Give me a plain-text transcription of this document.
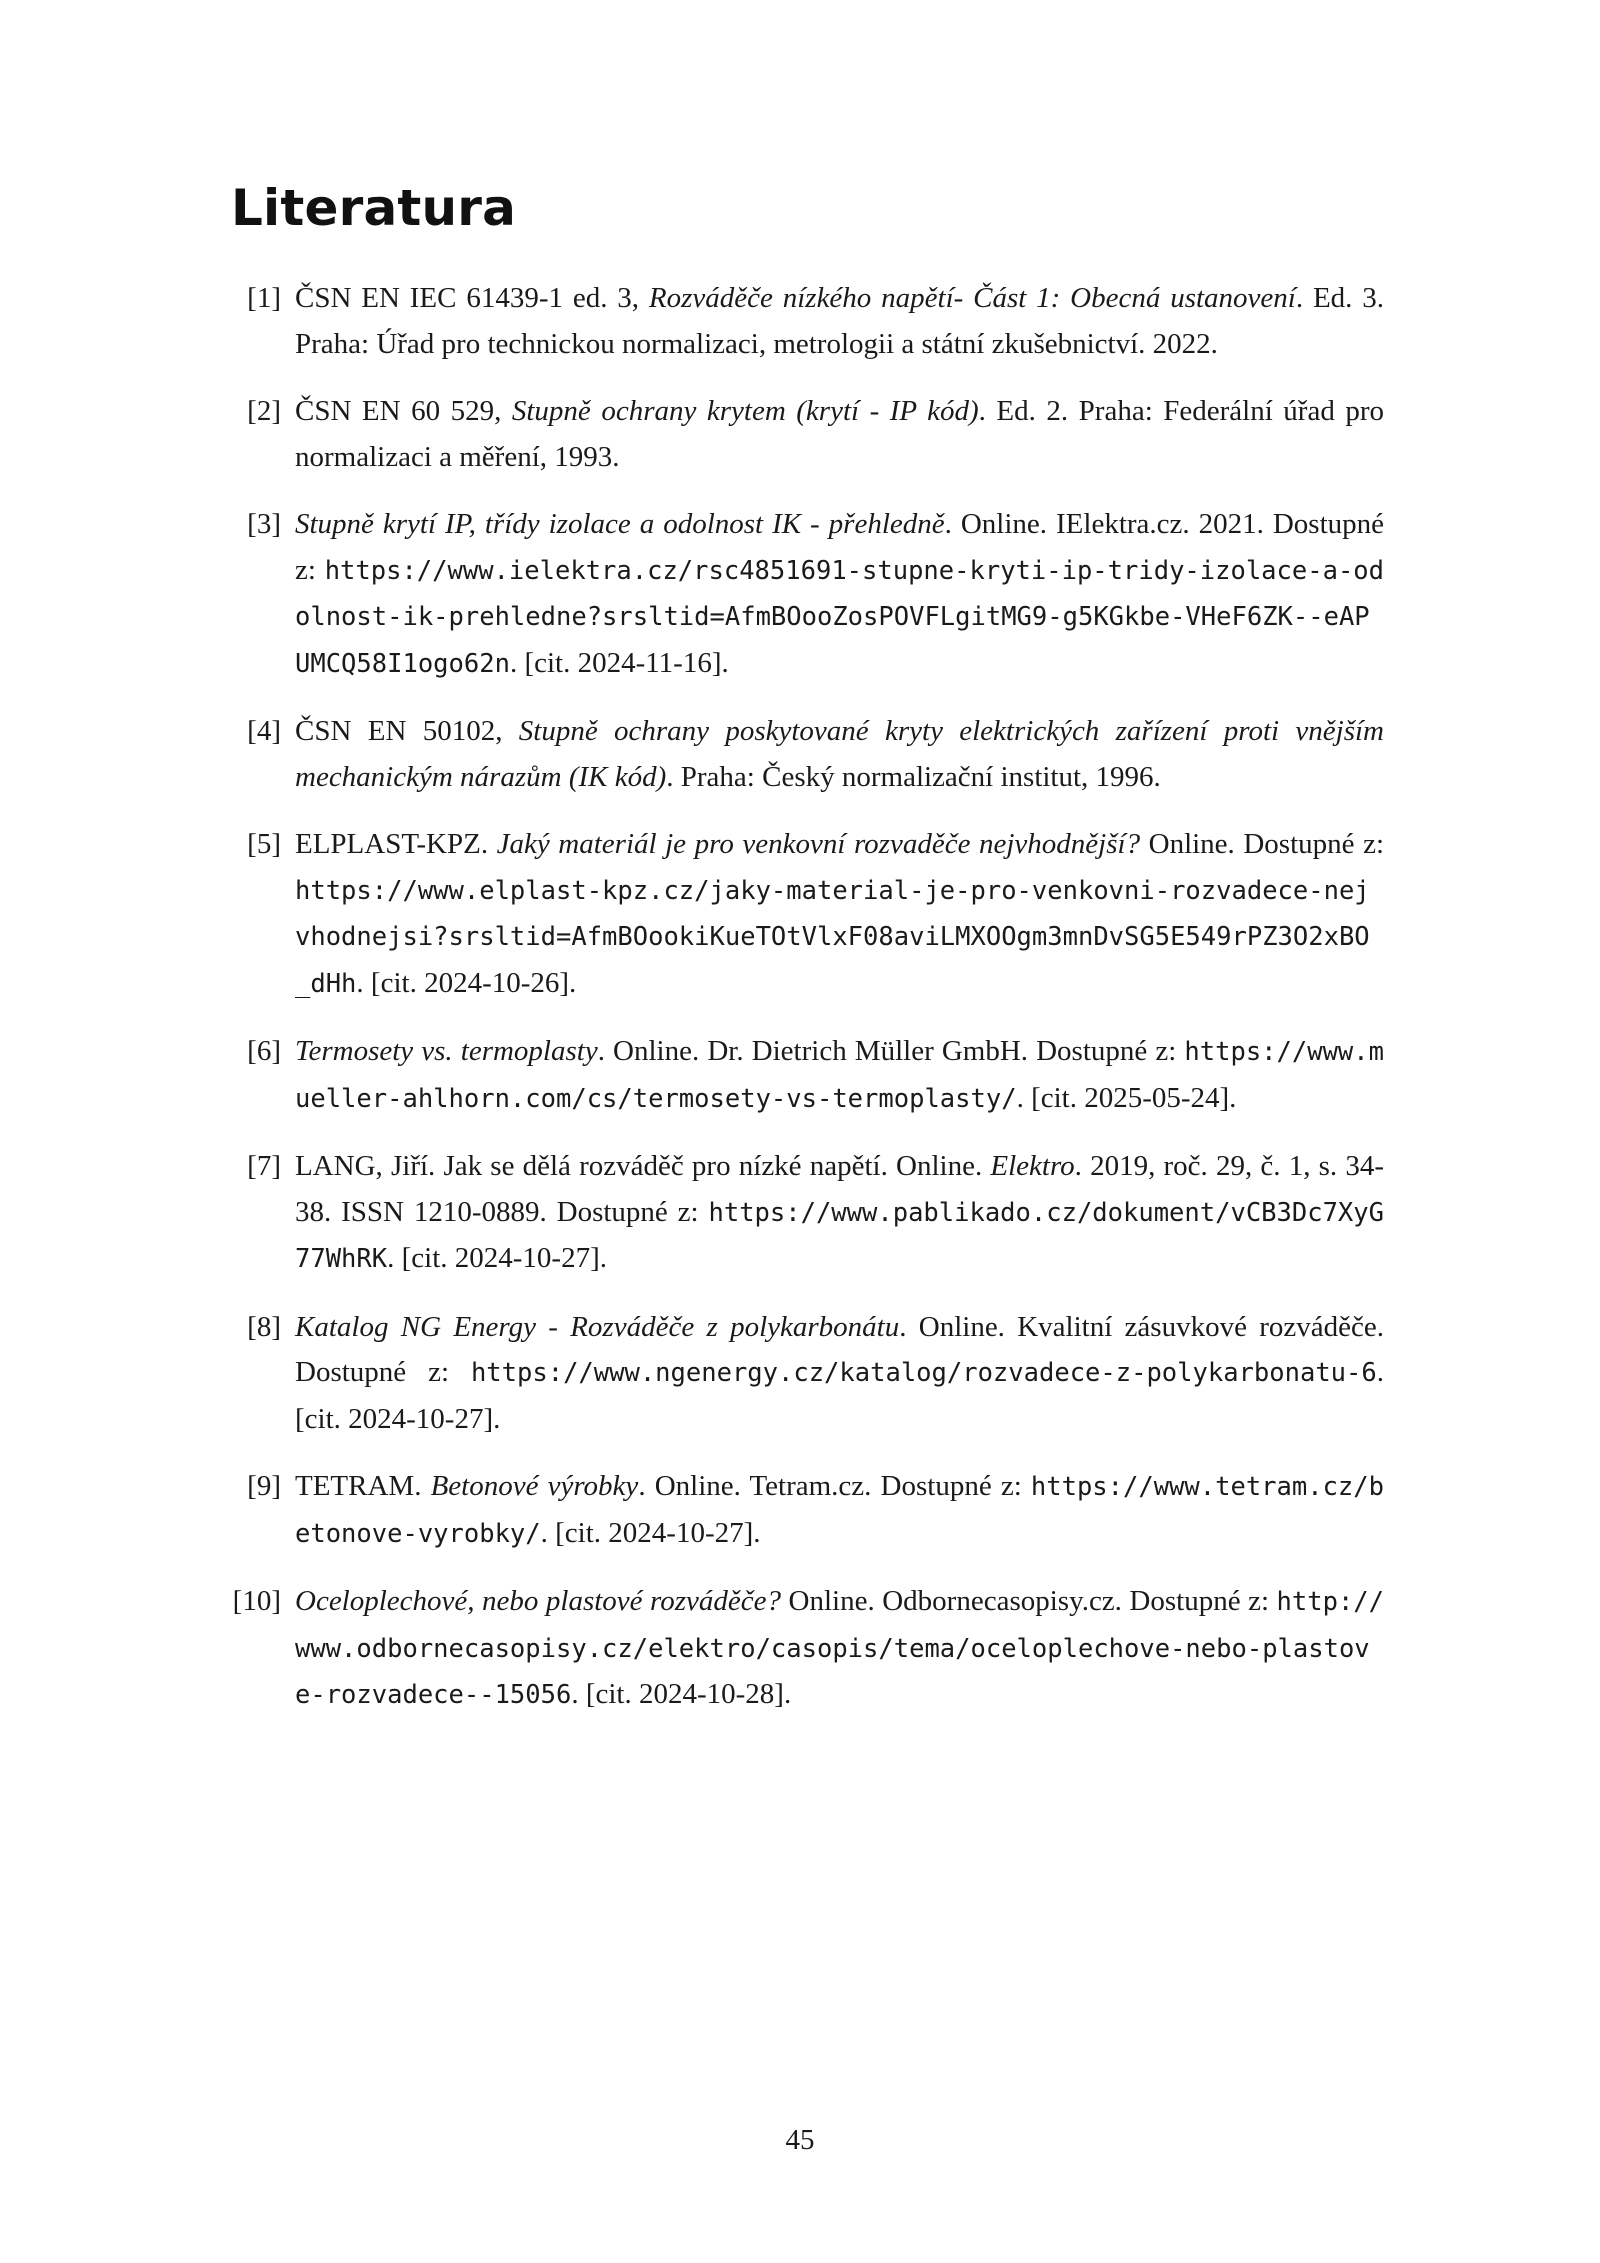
Literatura
[1] ČSN EN IEC 61439-1 ed. 3, Rozváděče nízkého napětí- Část 1: Obecná ustanovení. Ed. 3. Praha: Úřad pro technickou normalizaci, metrologii a státní zkušebnictví. 2022.
[2] ČSN EN 60 529, Stupně ochrany krytem (krytí - IP kód). Ed. 2. Praha: Federální úřad pro normalizaci a měření, 1993.
[3] Stupně krytí IP, třídy izolace a odolnost IK - přehledně. Online. IElektra.cz. 2021. Dostupné z: https://www.ielektra.cz/rsc4851691-stupne-kryti-ip-tridy-izolace-a-odolnost-ik-prehledne?srsltid=AfmBOooZosPOVFLgitMG9-g5KGkbe-VHeF6ZK--eAPUMCQ58I1ogo62n. [cit. 2024-11-16].
[4] ČSN EN 50102, Stupně ochrany poskytované kryty elektrických zařízení proti vnějším mechanickým nárazům (IK kód). Praha: Český normalizační institut, 1996.
[5] ELPLAST-KPZ. Jaký materiál je pro venkovní rozvaděče nejvhodnější? Online. Dostupné z: https://www.elplast-kpz.cz/jaky-material-je-pro-venkovni-rozvadece-nejvhodnejsi?srsltid=AfmBOookiKueTOtVlxF08aviLMXOOgm3mnDvSG5E549rPZ3O2xBO_dHh. [cit. 2024-10-26].
[6] Termosety vs. termoplasty. Online. Dr. Dietrich Müller GmbH. Dostupné z: https://www.mueller-ahlhorn.com/cs/termosety-vs-termoplasty/. [cit. 2025-05-24].
[7] LANG, Jiří. Jak se dělá rozváděč pro nízké napětí. Online. Elektro. 2019, roč. 29, č. 1, s. 34-38. ISSN 1210-0889. Dostupné z: https://www.pablikado.cz/dokument/vCB3Dc7XyG77WhRK. [cit. 2024-10-27].
[8] Katalog NG Energy - Rozváděče z polykarbonátu. Online. Kvalitní zásuvkové rozváděče. Dostupné z: https://www.ngenergy.cz/katalog/rozvadece-z-polykarbonatu-6. [cit. 2024-10-27].
[9] TETRAM. Betonové výrobky. Online. Tetram.cz. Dostupné z: https://www.tetram.cz/betonove-vyrobky/. [cit. 2024-10-27].
[10] Oceloplechové, nebo plastové rozváděče? Online. Odbornecasopisy.cz. Dostupné z: http://www.odbornecasopisy.cz/elektro/casopis/tema/oceloplechove-nebo-plastove-rozvadece--15056. [cit. 2024-10-28].
45
